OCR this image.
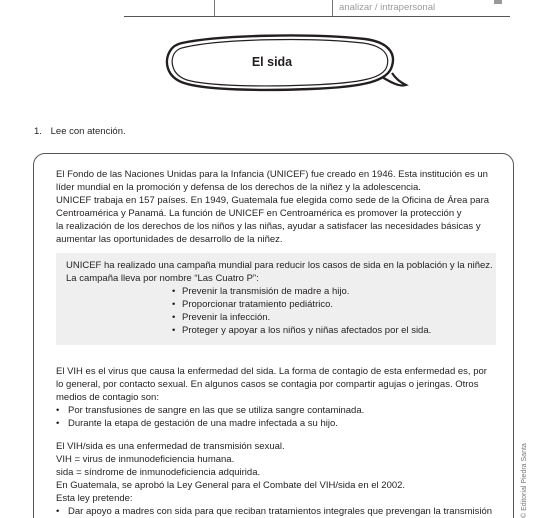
analizar / intrapersonal
El sida
1. Lee con atención.
El Fondo de las Naciones Unidas para la Infancia (UNICEF) fue creado en 1946. Esta institución es un
líder mundial en la promoción y defensa de los derechos de la niñez y la adolescencia.
UNICEF trabaja en 157 países. En 1949, Guatemala fue elegida como sede de la Oficina de Área para
Centroamérica y Panamá. La función de UNICEF en Centroamérica es promover la protección y
la realización de los derechos de los niños y las niñas, ayudar a satisfacer las necesidades básicas y
aumentar las oportunidades de desarrollo de la niñez.
UNICEF ha realizado una campaña mundial para reducir los casos de sida en la población y la niñez.
La campaña lleva por nombre “Las Cuatro P”:
• Prevenir la transmisión de madre a hijo.
• Proporcionar tratamiento pediátrico.
• Prevenir la infección.
• Proteger y apoyar a los niños y niñas afectados por el sida.
El VIH es el virus que causa la enfermedad del sida. La forma de contagio de esta enfermedad es, por
lo general, por contacto sexual. En algunos casos se contagia por compartir agujas o jeringas. Otros
medios de contagio son:
• Por transfusiones de sangre en las que se utiliza sangre contaminada.
• Durante la etapa de gestación de una madre infectada a su hijo.
El VIH/sida es una enfermedad de transmisión sexual.
VIH = virus de inmunodeficiencia humana.
sida = síndrome de inmunodeficiencia adquirida.
En Guatemala, se aprobó la Ley General para el Combate del VIH/sida en el 2002.
Esta ley pretende:
• Dar apoyo a madres con sida para que reciban tratamientos integrales que prevengan la transmisión	© Editorial Piedra Santa
